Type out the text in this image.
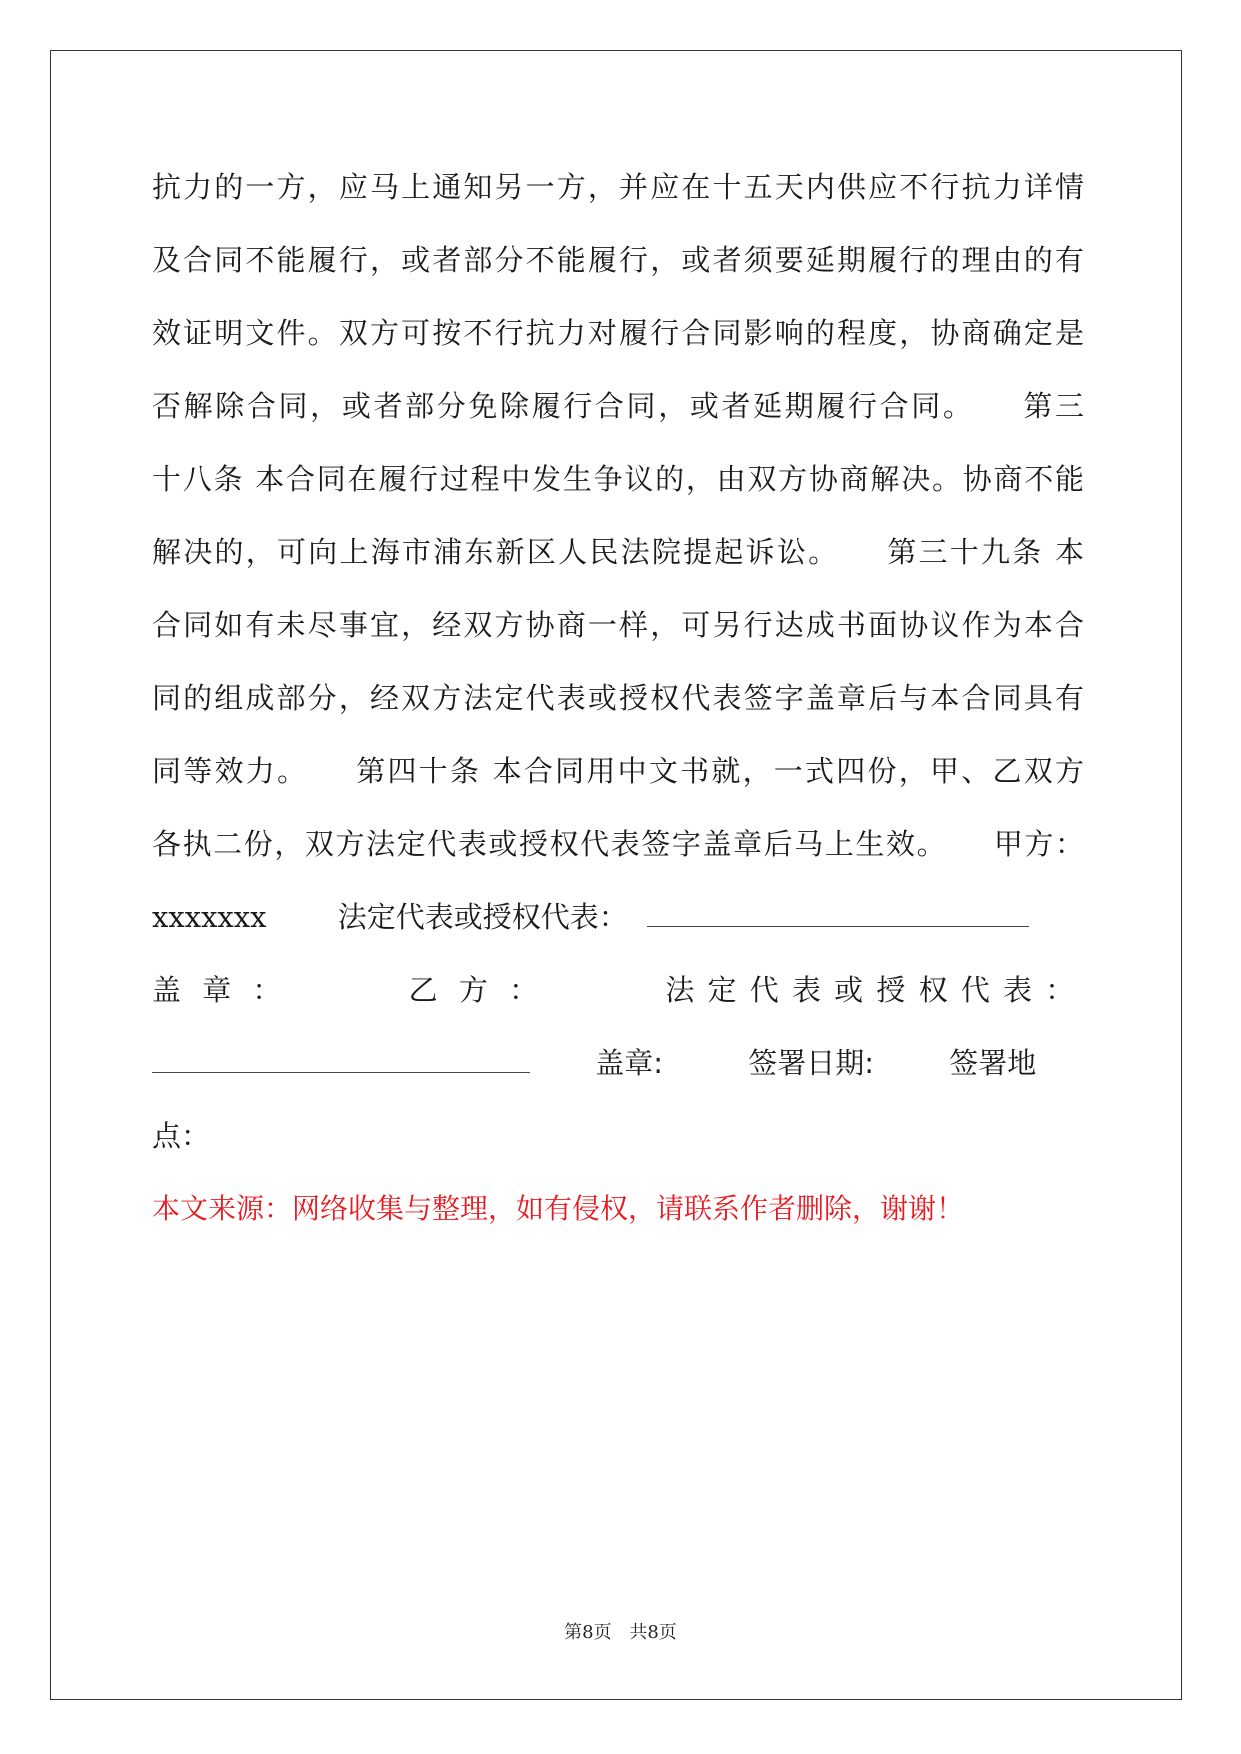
抗力的一方，应马上通知另一方，并应在十五天内供应不行抗力详情
及合同不能履行，或者部分不能履行，或者须要延期履行的理由的有
效证明文件。双方可按不行抗力对履行合同影响的程度，协商确定是
否解除合同，或者部分免除履行合同，或者延期履行合同。　　第三
十八条 本合同在履行过程中发生争议的，由双方协商解决。协商不能
解决的，可向上海市浦东新区人民法院提起诉讼。　　第三十九条 本
合同如有未尽事宜，经双方协商一样，可另行达成书面协议作为本合
同的组成部分，经双方法定代表或授权代表签字盖章后与本合同具有
同等效力。　　第四十条 本合同用中文书就，一式四份，甲、乙双方
各执二份，双方法定代表或授权代表签字盖章后马上生效。　　甲方：
xxxxxxx 法定代表或授权代表：
盖 章 ：	乙 方 ：	法 定 代 表 或 授 权 代 表 ：
盖章:	签署日期:	签署地
点：
本文来源：网络收集与整理，如有侵权，请联系作者删除，谢谢！
第8页 共8页
